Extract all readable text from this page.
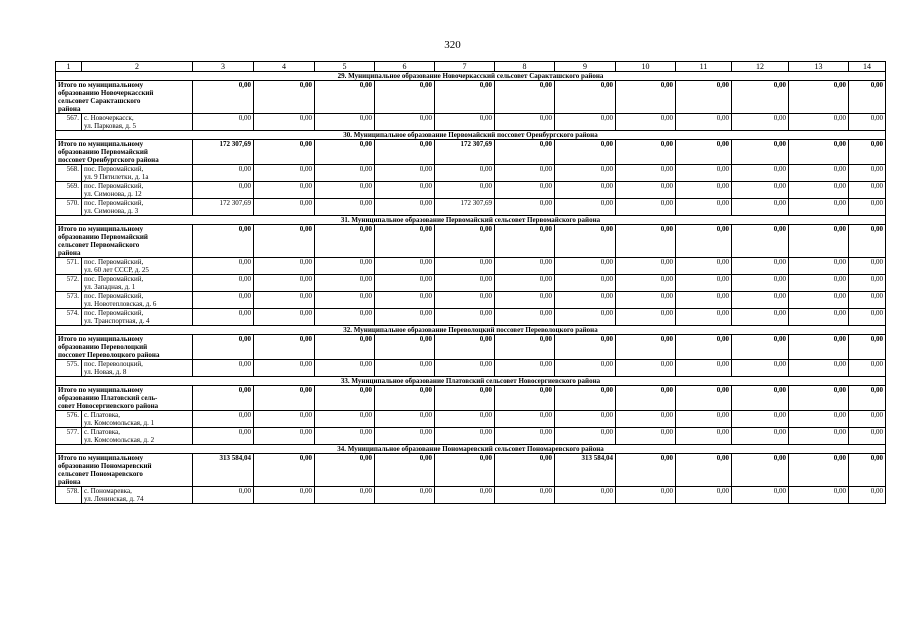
320
1	2	3	4	5	6	7	8	9	10	11	12	13	14
29. Муниципальное образование Новочеркасский сельсовет Саракташского района													
Итого по муниципальному
образованию Новочеркасский
сельсовет Саракташского
района		0,00	0,00	0,00	0,00	0,00	0,00	0,00	0,00	0,00	0,00	0,00	0,00
567.	с. Новочеркасск,
ул. Парковая, д. 5	0,00	0,00	0,00	0,00	0,00	0,00	0,00	0,00	0,00	0,00	0,00	0,00
30. Муниципальное образование Первомайский поссовет Оренбургского района													
Итого по муниципальному
образованию Первомайский
поссовет Оренбургского района		172 307,69	0,00	0,00	0,00	172 307,69	0,00	0,00	0,00	0,00	0,00	0,00	0,00
568.	пос. Первомайский,
ул. 9 Пятилетки, д. 1а	0,00	0,00	0,00	0,00	0,00	0,00	0,00	0,00	0,00	0,00	0,00	0,00
569.	пос. Первомайский,
ул. Симонова, д. 12	0,00	0,00	0,00	0,00	0,00	0,00	0,00	0,00	0,00	0,00	0,00	0,00
570.	пос. Первомайский,
ул. Симонова, д. 3	172 307,69	0,00	0,00	0,00	172 307,69	0,00	0,00	0,00	0,00	0,00	0,00	0,00
31. Муниципальное образование Первомайский сельсовет Первомайского района													
Итого по муниципальному
образованию Первомайский
сельсовет Первомайского
района		0,00	0,00	0,00	0,00	0,00	0,00	0,00	0,00	0,00	0,00	0,00	0,00
571.	пос. Первомайский,
ул. 60 лет СССР, д. 25	0,00	0,00	0,00	0,00	0,00	0,00	0,00	0,00	0,00	0,00	0,00	0,00
572.	пос. Первомайский,
ул. Западная, д. 1	0,00	0,00	0,00	0,00	0,00	0,00	0,00	0,00	0,00	0,00	0,00	0,00
573.	пос. Первомайский,
ул. Новотепловская, д. 6	0,00	0,00	0,00	0,00	0,00	0,00	0,00	0,00	0,00	0,00	0,00	0,00
574.	пос. Первомайский,
ул. Транспортная, д. 4	0,00	0,00	0,00	0,00	0,00	0,00	0,00	0,00	0,00	0,00	0,00	0,00
32. Муниципальное образование Переволоцкий поссовет Переволоцкого района													
Итого по муниципальному
образованию Переволоцкий
поссовет Переволоцкого района		0,00	0,00	0,00	0,00	0,00	0,00	0,00	0,00	0,00	0,00	0,00	0,00
575.	пос. Переволоцкий,
ул. Новая, д. 8	0,00	0,00	0,00	0,00	0,00	0,00	0,00	0,00	0,00	0,00	0,00	0,00
33. Муниципальное образование Платовский сельсовет Новосергиевского района													
Итого по муниципальному
образованию Платовский сель-
совет Новосергиевского района		0,00	0,00	0,00	0,00	0,00	0,00	0,00	0,00	0,00	0,00	0,00	0,00
576.	с. Платовка,
ул. Комсомольская, д. 1	0,00	0,00	0,00	0,00	0,00	0,00	0,00	0,00	0,00	0,00	0,00	0,00
577.	с. Платовка,
ул. Комсомольская, д. 2	0,00	0,00	0,00	0,00	0,00	0,00	0,00	0,00	0,00	0,00	0,00	0,00
34. Муниципальное образование Пономаревский сельсовет Пономаревского района													
Итого по муниципальному
образованию Пономаревский
сельсовет Пономаревского
района		313 584,04	0,00	0,00	0,00	0,00	0,00	313 584,04	0,00	0,00	0,00	0,00	0,00
578.	с. Пономаревка,
ул. Ленинская, д. 74	0,00	0,00	0,00	0,00	0,00	0,00	0,00	0,00	0,00	0,00	0,00	0,00
